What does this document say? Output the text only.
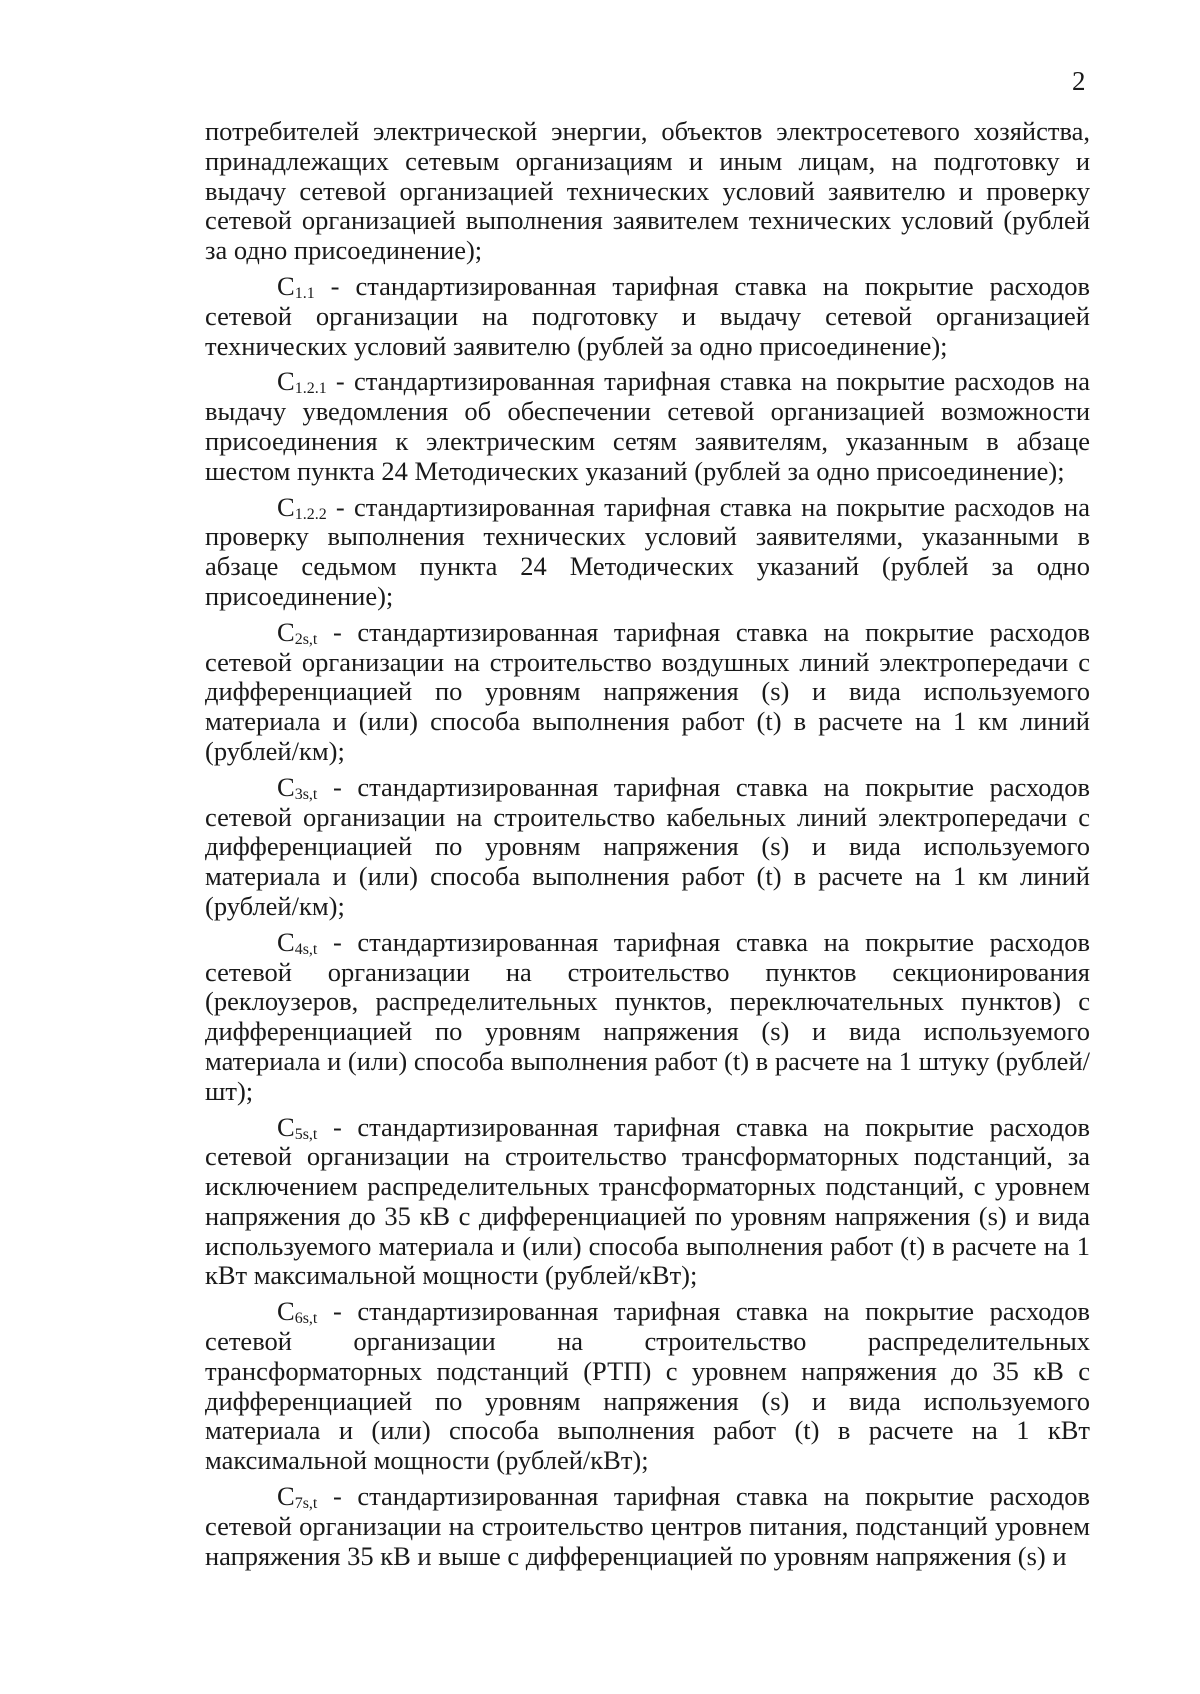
2

потребителей электрической энергии, объектов электросетевого хозяйства, принадлежащих сетевым организациям и иным лицам, на подготовку и выдачу сетевой организацией технических условий заявителю и проверку сетевой организацией выполнения заявителем технических условий (рублей за одно присоединение);

C1.1 - стандартизированная тарифная ставка на покрытие расходов сетевой организации на подготовку и выдачу сетевой организацией технических условий заявителю (рублей за одно присоединение);

C1.2.1 - стандартизированная тарифная ставка на покрытие расходов на выдачу уведомления об обеспечении сетевой организацией возможности присоединения к электрическим сетям заявителям, указанным в абзаце шестом пункта 24 Методических указаний (рублей за одно присоединение);

C1.2.2 - стандартизированная тарифная ставка на покрытие расходов на проверку выполнения технических условий заявителями, указанными в абзаце седьмом пункта 24 Методических указаний (рублей за одно присоединение);

C2s,t - стандартизированная тарифная ставка на покрытие расходов сетевой организации на строительство воздушных линий электропередачи с дифференциацией по уровням напряжения (s) и вида используемого материала и (или) способа выполнения работ (t) в расчете на 1 км линий (рублей/км);

C3s,t - стандартизированная тарифная ставка на покрытие расходов сетевой организации на строительство кабельных линий электропередачи с дифференциацией по уровням напряжения (s) и вида используемого материала и (или) способа выполнения работ (t) в расчете на 1 км линий (рублей/км);

C4s,t - стандартизированная тарифная ставка на покрытие расходов сетевой организации на строительство пунктов секционирования (реклоузеров, распределительных пунктов, переключательных пунктов) с дифференциацией по уровням напряжения (s) и вида используемого материала и (или) способа выполнения работ (t) в расчете на 1 штуку (рублей/шт);

C5s,t - стандартизированная тарифная ставка на покрытие расходов сетевой организации на строительство трансформаторных подстанций, за исключением распределительных трансформаторных подстанций, с уровнем напряжения до 35 кВ с дифференциацией по уровням напряжения (s) и вида используемого материала и (или) способа выполнения работ (t) в расчете на 1 кВт максимальной мощности (рублей/кВт);

C6s,t - стандартизированная тарифная ставка на покрытие расходов сетевой организации на строительство распределительных трансформаторных подстанций (РТП) с уровнем напряжения до 35 кВ с дифференциацией по уровням напряжения (s) и вида используемого материала и (или) способа выполнения работ (t) в расчете на 1 кВт максимальной мощности (рублей/кВт);

C7s,t - стандартизированная тарифная ставка на покрытие расходов сетевой организации на строительство центров питания, подстанций уровнем напряжения 35 кВ и выше с дифференциацией по уровням напряжения (s) и
